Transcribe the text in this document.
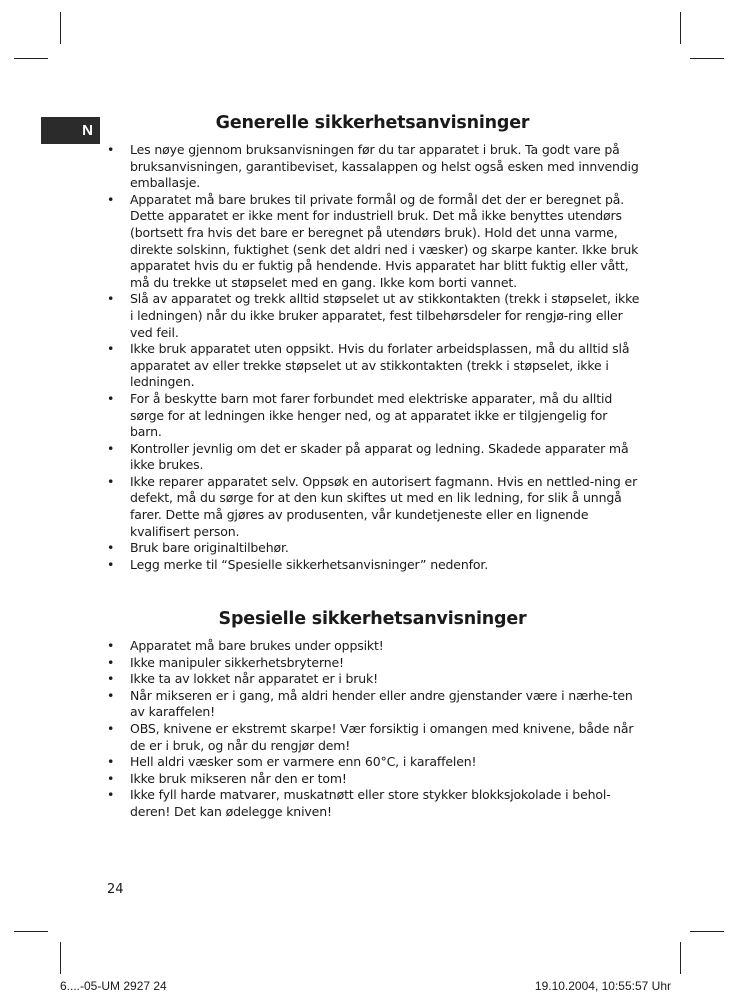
N	Generelle sikkerhetsanvisninger
• Les nøye gjennom bruksanvisningen før du tar apparatet i bruk. Ta godt vare på bruksanvisningen, garantibeviset, kassalappen og helst også esken med innvendig emballasje.
• Apparatet må bare brukes til private formål og de formål det der er beregnet på. Dette apparatet er ikke ment for industriell bruk. Det må ikke benyttes utendørs (bortsett fra hvis det bare er beregnet på utendørs bruk). Hold det unna varme, direkte solskinn, fuktighet (senk det aldri ned i væsker) og skarpe kanter. Ikke bruk apparatet hvis du er fuktig på hendende. Hvis apparatet har blitt fuktig eller vått, må du trekke ut støpselet med en gang. Ikke kom borti vannet.
• Slå av apparatet og trekk alltid støpselet ut av stikkontakten (trekk i støpselet, ikke i ledningen) når du ikke bruker apparatet, fest tilbehørsdeler for rengjø-ring eller ved feil.
• Ikke bruk apparatet uten oppsikt. Hvis du forlater arbeidsplassen, må du alltid slå apparatet av eller trekke støpselet ut av stikkontakten (trekk i støpselet, ikke i ledningen.
• For å beskytte barn mot farer forbundet med elektriske apparater, må du alltid sørge for at ledningen ikke henger ned, og at apparatet ikke er tilgjengelig for barn.
• Kontroller jevnlig om det er skader på apparat og ledning. Skadede apparater må ikke brukes.
• Ikke reparer apparatet selv. Oppsøk en autorisert fagmann. Hvis en nettled-ning er defekt, må du sørge for at den kun skiftes ut med en lik ledning, for slik å unngå farer. Dette må gjøres av produsenten, vår kundetjeneste eller en lignende kvalifisert person.
• Bruk bare originaltilbehør.
• Legg merke til “Spesielle sikkerhetsanvisninger” nedenfor.
Spesielle sikkerhetsanvisninger
• Apparatet må bare brukes under oppsikt!
• Ikke manipuler sikkerhetsbryterne!
• Ikke ta av lokket når apparatet er i bruk!
• Når mikseren er i gang, må aldri hender eller andre gjenstander være i nærhe-ten av karaffelen!
• OBS, knivene er ekstremt skarpe! Vær forsiktig i omangen med knivene, både når de er i bruk, og når du rengjør dem!
• Hell aldri væsker som er varmere enn 60°C, i karaffelen!
• Ikke bruk mikseren når den er tom!
• Ikke fyll harde matvarer, muskatnøtt eller store stykker blokksjokolade i behol-deren! Det kan ødelegge kniven!
24
6....-05-UM 2927 24	19.10.2004, 10:55:57 Uhr
